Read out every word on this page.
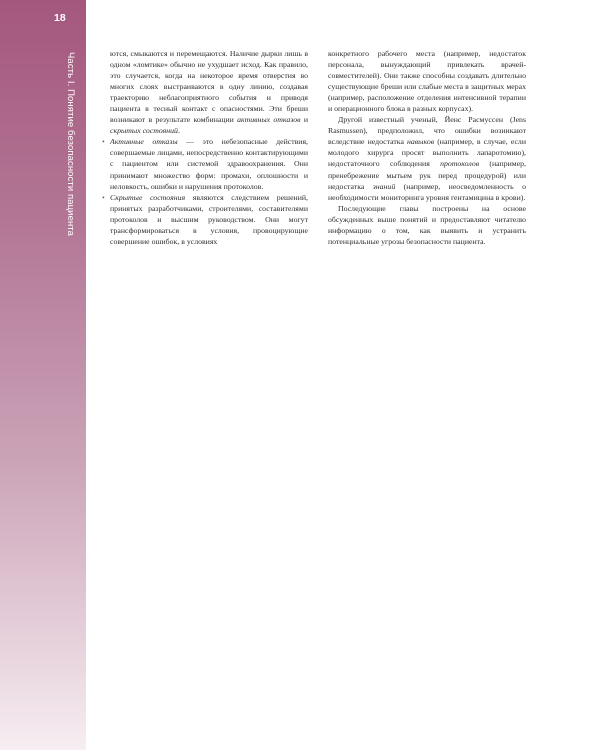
18
Часть I. Понятие безопасности пациента	ются, смыкаются и перемещаются. Наличие дырки лишь в одном «ломтике» обычно не ухудшает исход. Как правило, это случается, когда на некоторое время отверстия во многих слоях выстраиваются в одну линию, создавая траекторию неблагоприятного события и приводя пациента в тесный контакт с опасностями. Эти бреши возникают в результате комбинации активных отказов и скрытых состояний.

• Активные отказы — это небезопасные действия, совершаемые лицами, непосредственно контактирующими с пациентом или системой здравоохранения. Они принимают множество форм: промахи, оплошности и неловкость, ошибки и нарушения протоколов.

• Скрытые состояния являются следствием решений, принятых разработчиками, строителями, составителями протоколов и высшим руководством. Они могут трансформироваться в условия, провоцирующие совершение ошибок, в условиях

конкретного рабочего места (например, недостаток персонала, вынуждающий привлекать врачей-совместителей). Они также способны создавать длительно существующие бреши или слабые места в защитных мерах (например, расположение отделения интенсивной терапии и операционного блока в разных корпусах).

Другой известный ученый, Йенс Расмуссен (Jens Rasmussen), предположил, что ошибки возникают вследствие недостатка навыков (например, в случае, если молодого хирурга просят выполнить лапаротомию), недостаточного соблюдения протоколов (например, пренебрежение мытьем рук перед процедурой) или недостатка знаний (например, неосведомленность о необходимости мониторинга уровня гентамицина в крови).

Последующие главы построены на основе обсужденных выше понятий и предоставляют читателю информацию о том, как выявить и устранить потенциальные угрозы безопасности пациента.
